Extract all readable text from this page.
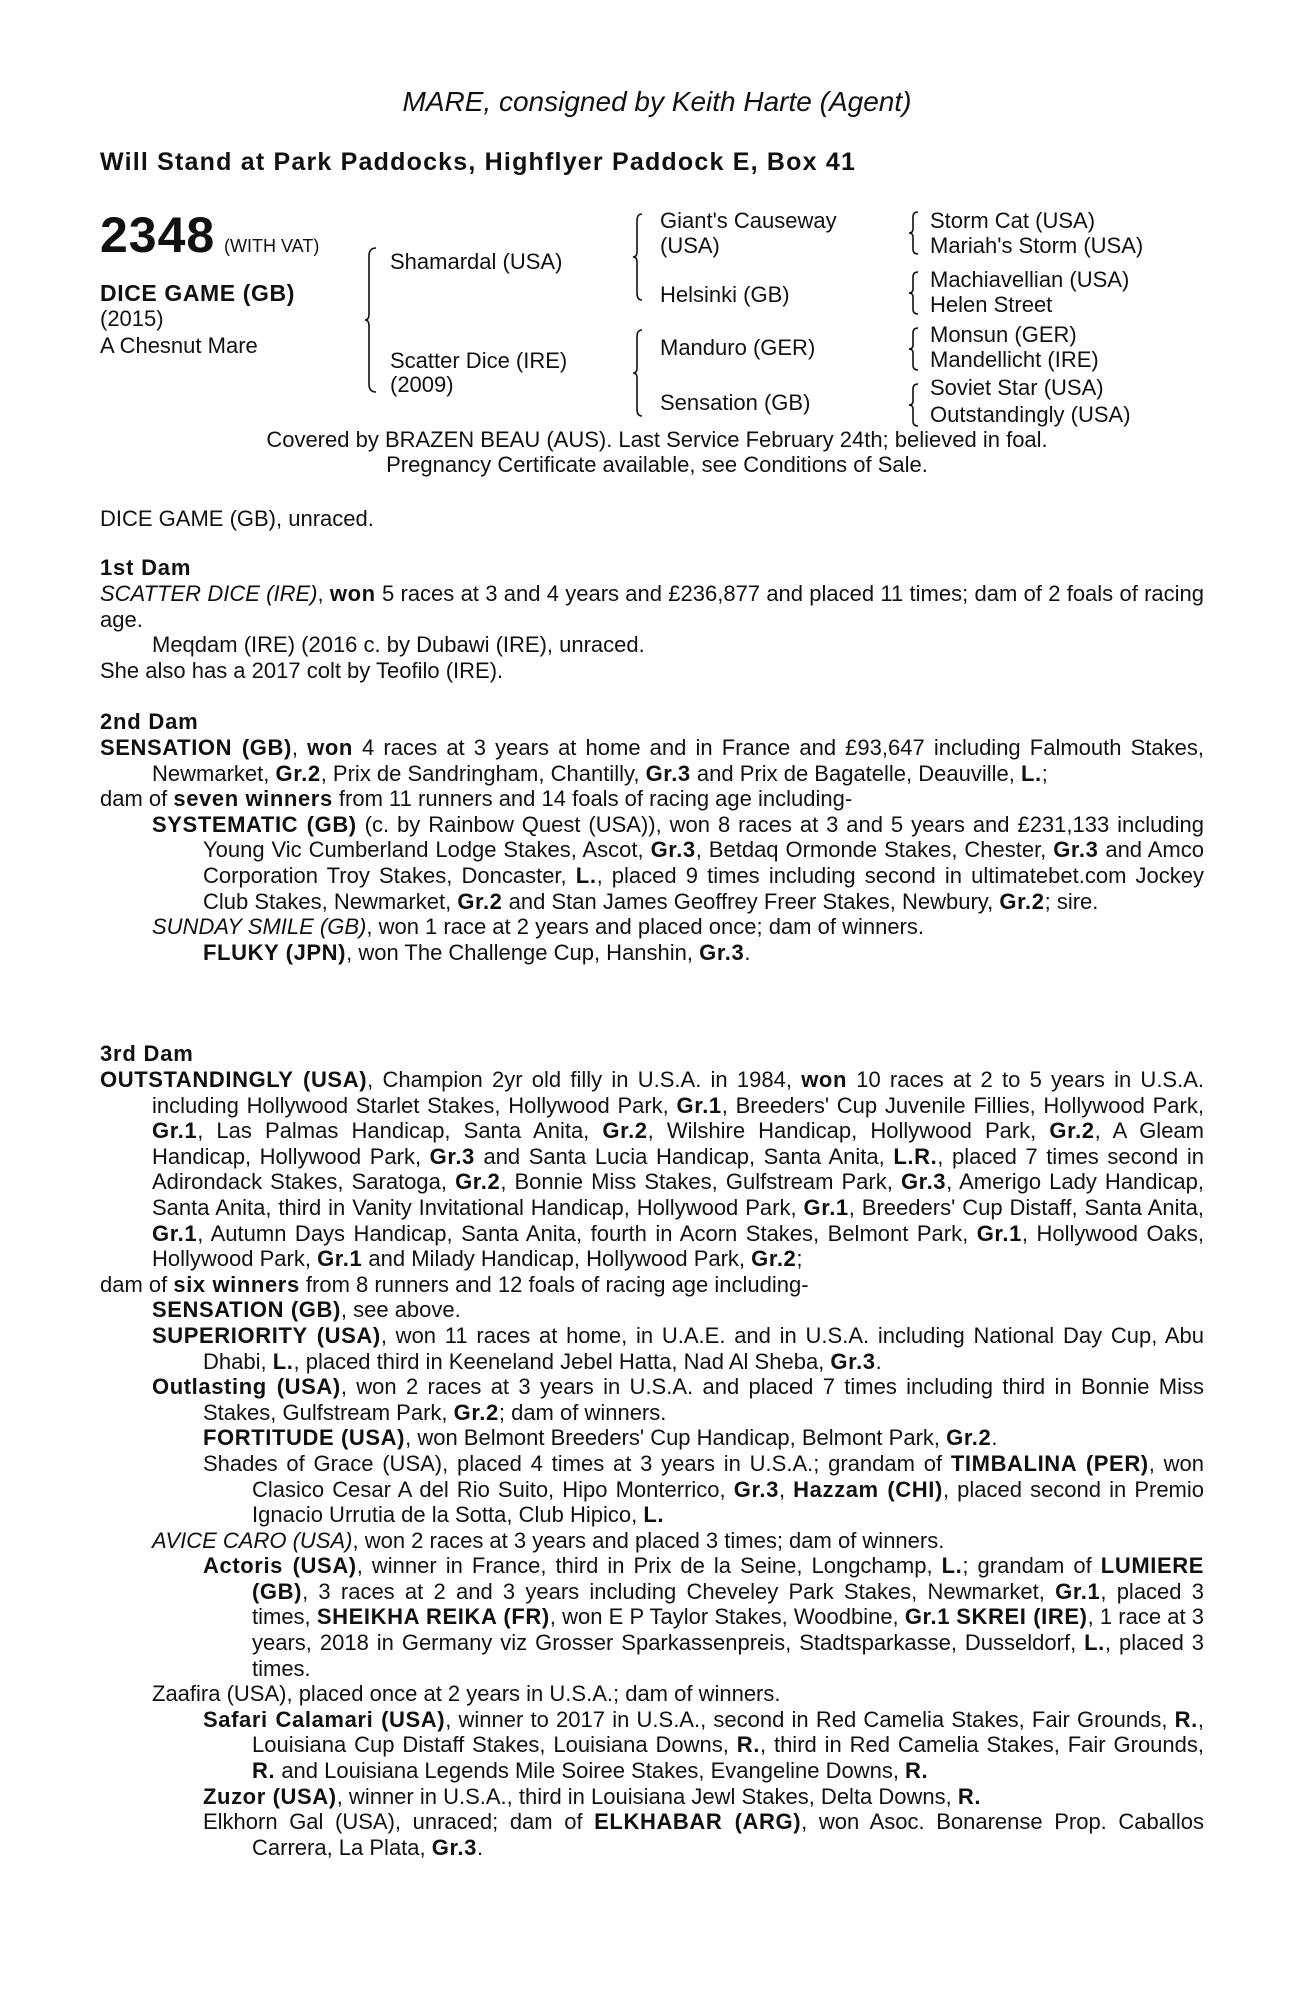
MARE, consigned by Keith Harte (Agent)
Will Stand at Park Paddocks, Highflyer Paddock E, Box 41
2348 (WITH VAT)
DICE GAME (GB)
(2015)
A Chesnut Mare
Shamardal (USA)
Scatter Dice (IRE)
(2009)
Giant's Causeway
(USA)
Helsinki (GB)
Manduro (GER)
Sensation (GB)
Storm Cat (USA)
Mariah's Storm (USA)
Machiavellian (USA)
Helen Street
Monsun (GER)
Mandellicht (IRE)
Soviet Star (USA)
Outstandingly (USA)
Covered by BRAZEN BEAU (AUS). Last Service February 24th; believed in foal.
Pregnancy Certificate available, see Conditions of Sale.
DICE GAME (GB), unraced.
1st Dam
SCATTER DICE (IRE), won 5 races at 3 and 4 years and £236,877 and placed 11 times; dam of 2 foals of racing age.
Meqdam (IRE) (2016 c. by Dubawi (IRE), unraced.
She also has a 2017 colt by Teofilo (IRE).
2nd Dam
SENSATION (GB), won 4 races at 3 years at home and in France and £93,647 including Falmouth Stakes, Newmarket, Gr.2, Prix de Sandringham, Chantilly, Gr.3 and Prix de Bagatelle, Deauville, L.;
dam of seven winners from 11 runners and 14 foals of racing age including-
SYSTEMATIC (GB) (c. by Rainbow Quest (USA)), won 8 races at 3 and 5 years and £231,133 including Young Vic Cumberland Lodge Stakes, Ascot, Gr.3, Betdaq Ormonde Stakes, Chester, Gr.3 and Amco Corporation Troy Stakes, Doncaster, L., placed 9 times including second in ultimatebet.com Jockey Club Stakes, Newmarket, Gr.2 and Stan James Geoffrey Freer Stakes, Newbury, Gr.2; sire.
SUNDAY SMILE (GB), won 1 race at 2 years and placed once; dam of winners.
FLUKY (JPN), won The Challenge Cup, Hanshin, Gr.3.
3rd Dam
OUTSTANDINGLY (USA), Champion 2yr old filly in U.S.A. in 1984, won 10 races at 2 to 5 years in U.S.A. including Hollywood Starlet Stakes, Hollywood Park, Gr.1, Breeders' Cup Juvenile Fillies, Hollywood Park, Gr.1, Las Palmas Handicap, Santa Anita, Gr.2, Wilshire Handicap, Hollywood Park, Gr.2, A Gleam Handicap, Hollywood Park, Gr.3 and Santa Lucia Handicap, Santa Anita, L.R., placed 7 times second in Adirondack Stakes, Saratoga, Gr.2, Bonnie Miss Stakes, Gulfstream Park, Gr.3, Amerigo Lady Handicap, Santa Anita, third in Vanity Invitational Handicap, Hollywood Park, Gr.1, Breeders' Cup Distaff, Santa Anita, Gr.1, Autumn Days Handicap, Santa Anita, fourth in Acorn Stakes, Belmont Park, Gr.1, Hollywood Oaks, Hollywood Park, Gr.1 and Milady Handicap, Hollywood Park, Gr.2;
dam of six winners from 8 runners and 12 foals of racing age including-
SENSATION (GB), see above.
SUPERIORITY (USA), won 11 races at home, in U.A.E. and in U.S.A. including National Day Cup, Abu Dhabi, L., placed third in Keeneland Jebel Hatta, Nad Al Sheba, Gr.3.
Outlasting (USA), won 2 races at 3 years in U.S.A. and placed 7 times including third in Bonnie Miss Stakes, Gulfstream Park, Gr.2; dam of winners.
FORTITUDE (USA), won Belmont Breeders' Cup Handicap, Belmont Park, Gr.2.
Shades of Grace (USA), placed 4 times at 3 years in U.S.A.; grandam of TIMBALINA (PER), won Clasico Cesar A del Rio Suito, Hipo Monterrico, Gr.3, Hazzam (CHI), placed second in Premio Ignacio Urrutia de la Sotta, Club Hipico, L.
AVICE CARO (USA), won 2 races at 3 years and placed 3 times; dam of winners.
Actoris (USA), winner in France, third in Prix de la Seine, Longchamp, L.; grandam of LUMIERE (GB), 3 races at 2 and 3 years including Cheveley Park Stakes, Newmarket, Gr.1, placed 3 times, SHEIKHA REIKA (FR), won E P Taylor Stakes, Woodbine, Gr.1 SKREI (IRE), 1 race at 3 years, 2018 in Germany viz Grosser Sparkassenpreis, Stadtsparkasse, Dusseldorf, L., placed 3 times.
Zaafira (USA), placed once at 2 years in U.S.A.; dam of winners.
Safari Calamari (USA), winner to 2017 in U.S.A., second in Red Camelia Stakes, Fair Grounds, R., Louisiana Cup Distaff Stakes, Louisiana Downs, R., third in Red Camelia Stakes, Fair Grounds, R. and Louisiana Legends Mile Soiree Stakes, Evangeline Downs, R.
Zuzor (USA), winner in U.S.A., third in Louisiana Jewl Stakes, Delta Downs, R.
Elkhorn Gal (USA), unraced; dam of ELKHABAR (ARG), won Asoc. Bonarense Prop. Caballos Carrera, La Plata, Gr.3.
